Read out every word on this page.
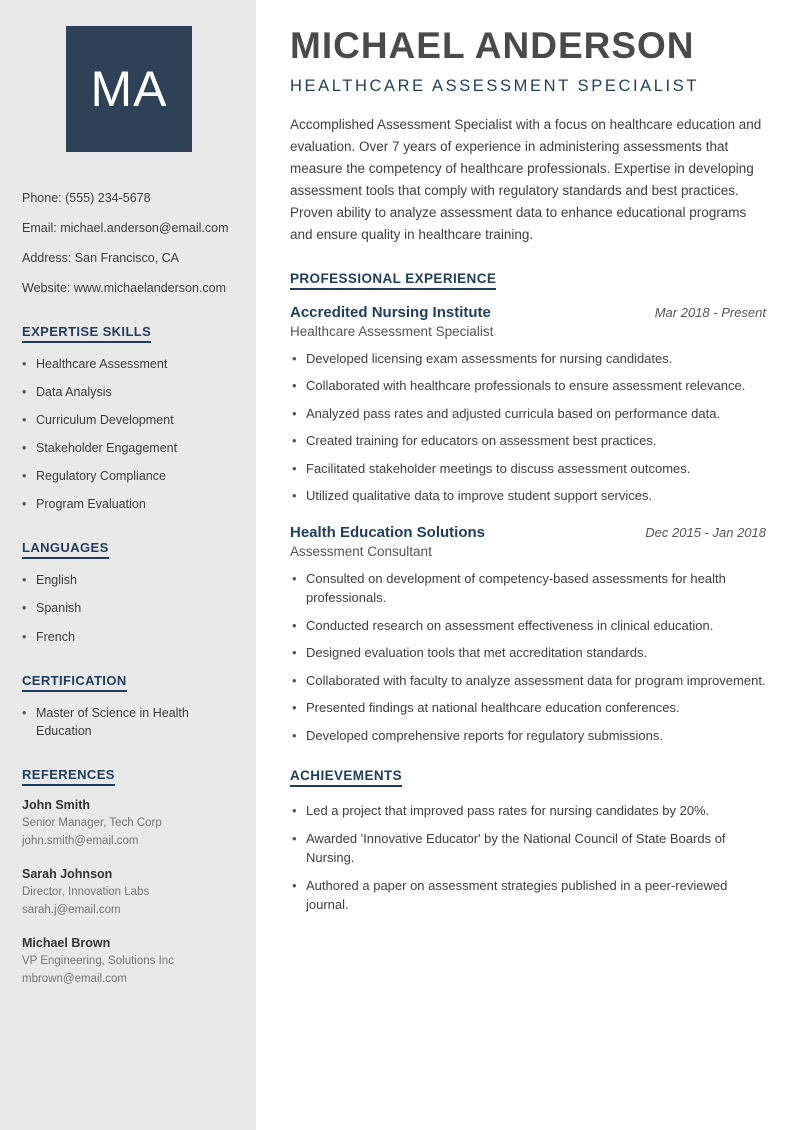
MA

Phone: (555) 234-5678

Email: michael.anderson@email.com

Address: San Francisco, CA

Website: www.michaelanderson.com

EXPERTISE SKILLS
• Healthcare Assessment
• Data Analysis
• Curriculum Development
• Stakeholder Engagement
• Regulatory Compliance
• Program Evaluation
LANGUAGES
• English
• Spanish
• French
CERTIFICATION
• Master of Science in Health Education
REFERENCES

John Smith

Senior Manager, Tech Corp

john.smith@email.com

Sarah Johnson

Director, Innovation Labs

sarah.j@email.com

Michael Brown

VP Engineering, Solutions Inc

mbrown@email.com

MICHAEL ANDERSON
HEALTHCARE ASSESSMENT SPECIALIST

Accomplished Assessment Specialist with a focus on healthcare education and evaluation. Over 7 years of experience in administering assessments that measure the competency of healthcare professionals. Expertise in developing assessment tools that comply with regulatory standards and best practices. Proven ability to analyze assessment data to enhance educational programs and ensure quality in healthcare training.

PROFESSIONAL EXPERIENCE
Accredited Nursing Institute	Mar 2018 - Present

Healthcare Assessment Specialist

• Developed licensing exam assessments for nursing candidates.
• Collaborated with healthcare professionals to ensure assessment relevance.
• Analyzed pass rates and adjusted curricula based on performance data.
• Created training for educators on assessment best practices.
• Facilitated stakeholder meetings to discuss assessment outcomes.
• Utilized qualitative data to improve student support services.
Health Education Solutions	Dec 2015 - Jan 2018

Assessment Consultant

• Consulted on development of competency-based assessments for health professionals.
• Conducted research on assessment effectiveness in clinical education.
• Designed evaluation tools that met accreditation standards.
• Collaborated with faculty to analyze assessment data for program improvement.
• Presented findings at national healthcare education conferences.
• Developed comprehensive reports for regulatory submissions.
ACHIEVEMENTS
• Led a project that improved pass rates for nursing candidates by 20%.
• Awarded 'Innovative Educator' by the National Council of State Boards of Nursing.
• Authored a paper on assessment strategies published in a peer-reviewed journal.
